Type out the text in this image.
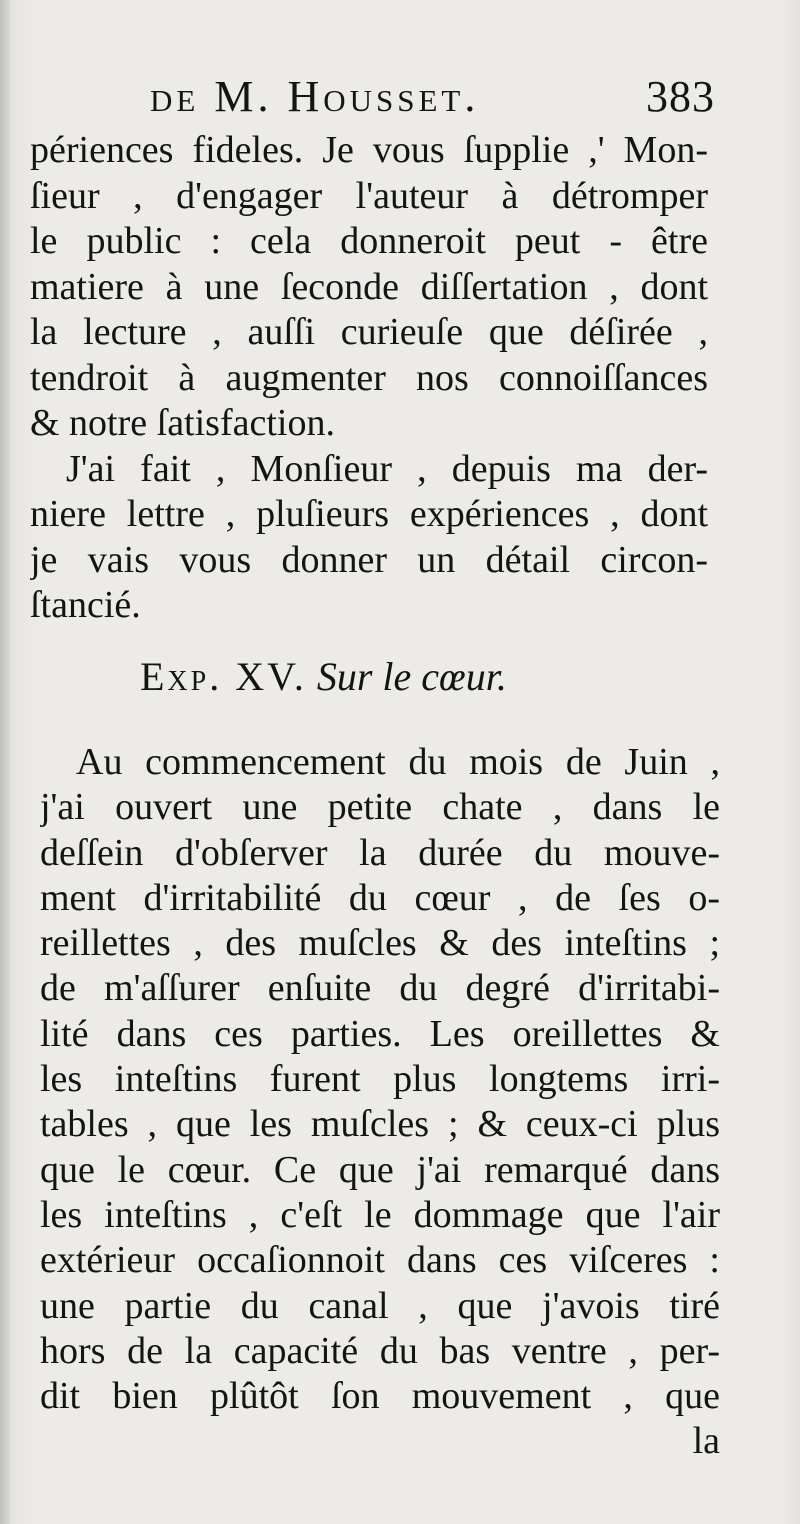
de M. Housset.	383
périences fideles. Je vous ſupplie ,' Mon-
ſieur , d'engager l'auteur à détromper
le public : cela donneroit peut - être
matiere à une ſeconde diſſertation , dont
la lecture , auſſi curieuſe que déſirée ,
tendroit à augmenter nos connoiſſances
& notre ſatisfaction.
J'ai fait , Monſieur , depuis ma der-
niere lettre , pluſieurs expériences , dont
je vais vous donner un détail circon-
ſtancié.
Exp. XV. Sur le cœur.
Au commencement du mois de Juin ,
j'ai ouvert une petite chate , dans le
deſſein d'obſerver la durée du mouve-
ment d'irritabilité du cœur , de ſes o-
reillettes , des muſcles & des inteſtins ;
de m'aſſurer enſuite du degré d'irritabi-
lité dans ces parties. Les oreillettes &
les inteſtins furent plus longtems irri-
tables , que les muſcles ; & ceux-ci plus
que le cœur. Ce que j'ai remarqué dans
les inteſtins , c'eſt le dommage que l'air
extérieur occaſionnoit dans ces viſceres :
une partie du canal , que j'avois tiré
hors de la capacité du bas ventre , per-
dit bien plûtôt ſon mouvement , que
la
